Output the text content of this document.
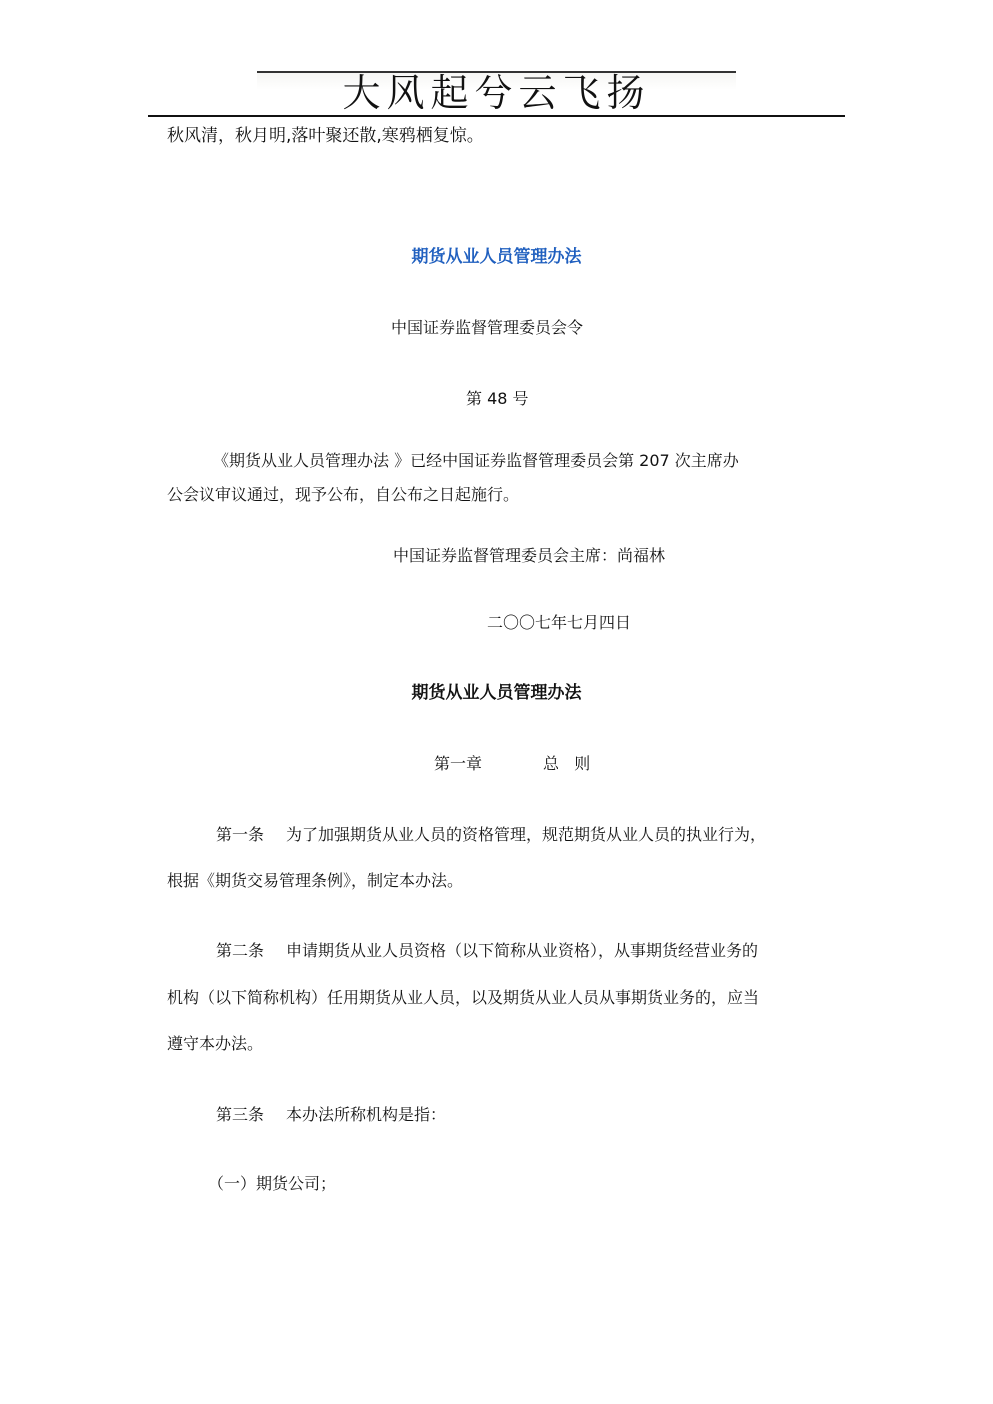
大风起兮云飞扬
秋风清，秋月明,落叶聚还散,寒鸦栖复惊。
期货从业人员管理办法
中国证券监督管理委员会令
第 48 号
《期货从业人员管理办法 》已经中国证券监督管理委员会第 207 次主席办
公会议审议通过，现予公布，自公布之日起施行。
中国证券监督管理委员会主席：尚福林
二〇〇七年七月四日
期货从业人员管理办法
第一章	总   则
第一条 为了加强期货从业人员的资格管理，规范期货从业人员的执业行为，
根据《期货交易管理条例》，制定本办法。
第二条 申请期货从业人员资格（以下简称从业资格），从事期货经营业务的
机构（以下简称机构）任用期货从业人员，以及期货从业人员从事期货业务的，应当
遵守本办法。
第三条 本办法所称机构是指：
（一）期货公司；
